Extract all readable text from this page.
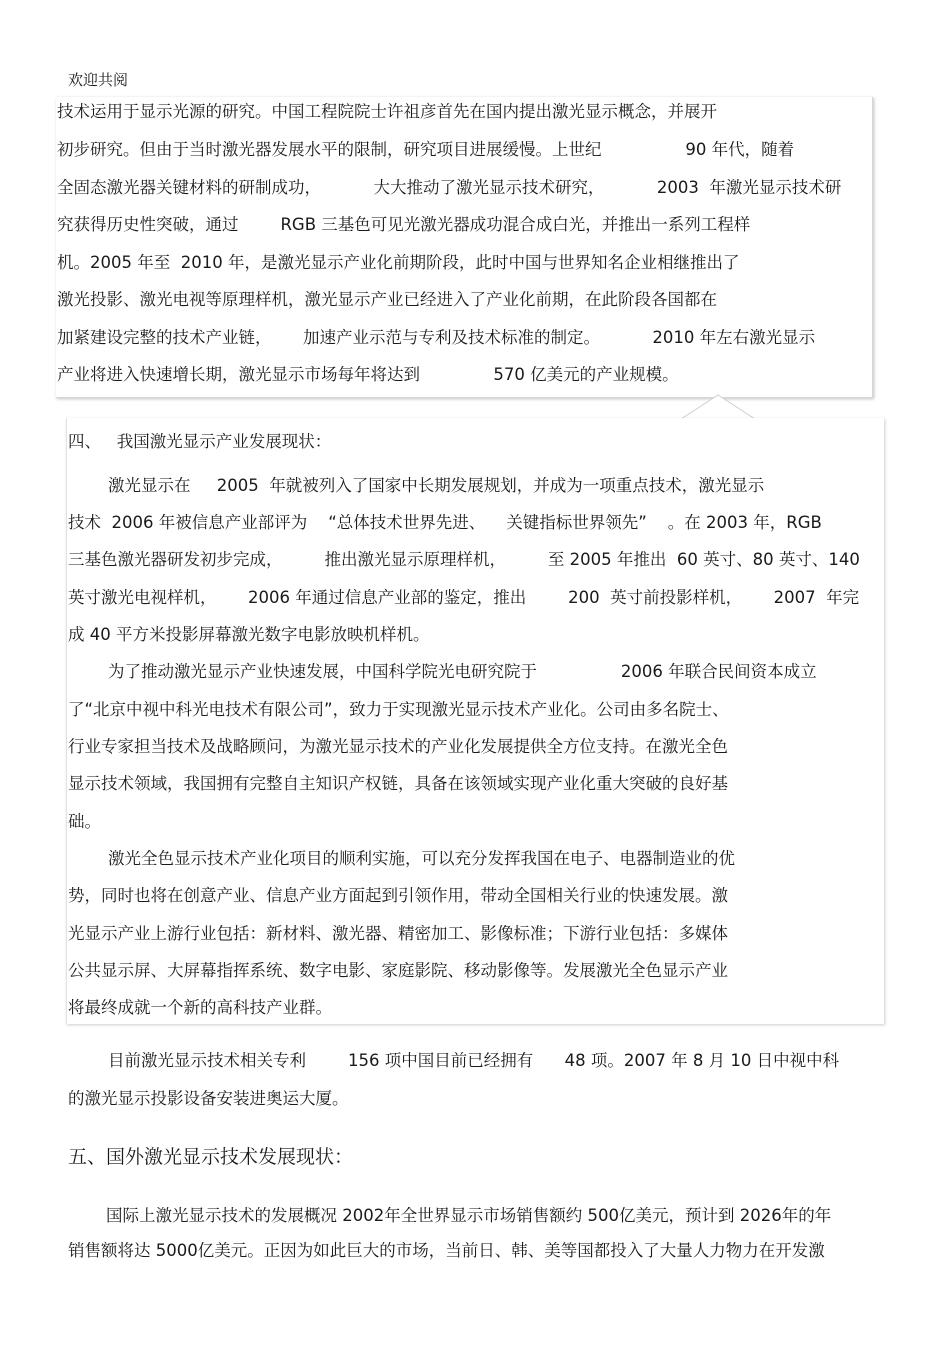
欢迎共阅
技术运用于显示光源的研究。中国工程院院士许祖彦首先在国内提出激光显示概念，并展开
初步研究。但由于当时激光器发展水平的限制，研究项目进展缓慢。上世纪                90 年代，随着
全固态激光器关键材料的研制成功，          大大推动了激光显示技术研究，          2003  年激光显示技术研
究获得历史性突破，通过        RGB 三基色可见光激光器成功混合成白光，并推出一系列工程样
机。2005 年至  2010 年，是激光显示产业化前期阶段，此时中国与世界知名企业相继推出了
激光投影、激光电视等原理样机，激光显示产业已经进入了产业化前期，在此阶段各国都在
加紧建设完整的技术产业链，      加速产业示范与专利及技术标准的制定。          2010 年左右激光显示
产业将进入快速增长期，激光显示市场每年将达到              570 亿美元的产业规模。
四、   我国激光显示产业发展现状：
激光显示在     2005  年就被列入了国家中长期发展规划，并成为一项重点技术，激光显示
技术  2006 年被信息产业部评为    “总体技术世界先进、    关键指标世界领先”    。在 2003 年，RGB
三基色激光器研发初步完成，        推出激光显示原理样机，        至 2005 年推出  60 英寸、80 英寸、140
英寸激光电视样机，      2006 年通过信息产业部的鉴定，推出        200  英寸前投影样机，      2007  年完
成 40 平方米投影屏幕激光数字电影放映机样机。
为了推动激光显示产业快速发展，中国科学院光电研究院于                2006 年联合民间资本成立
了“北京中视中科光电技术有限公司”，致力于实现激光显示技术产业化。公司由多名院士、
行业专家担当技术及战略顾问，为激光显示技术的产业化发展提供全方位支持。在激光全色
显示技术领域，我国拥有完整自主知识产权链，具备在该领域实现产业化重大突破的良好基
础。
激光全色显示技术产业化项目的顺利实施，可以充分发挥我国在电子、电器制造业的优
势，同时也将在创意产业、信息产业方面起到引领作用，带动全国相关行业的快速发展。激
光显示产业上游行业包括：新材料、激光器、精密加工、影像标准；下游行业包括：多媒体
公共显示屏、大屏幕指挥系统、数字电影、家庭影院、移动影像等。发展激光全色显示产业
将最终成就一个新的高科技产业群。
目前激光显示技术相关专利        156 项中国目前已经拥有      48 项。2007 年 8 月 10 日中视中科
的激光显示投影设备安装进奥运大厦。
五、国外激光显示技术发展现状：
国际上激光显示技术的发展概况 2002年全世界显示市场销售额约 500亿美元，预计到 2026年的年
销售额将达 5000亿美元。正因为如此巨大的市场，当前日、韩、美等国都投入了大量人力物力在开发激
